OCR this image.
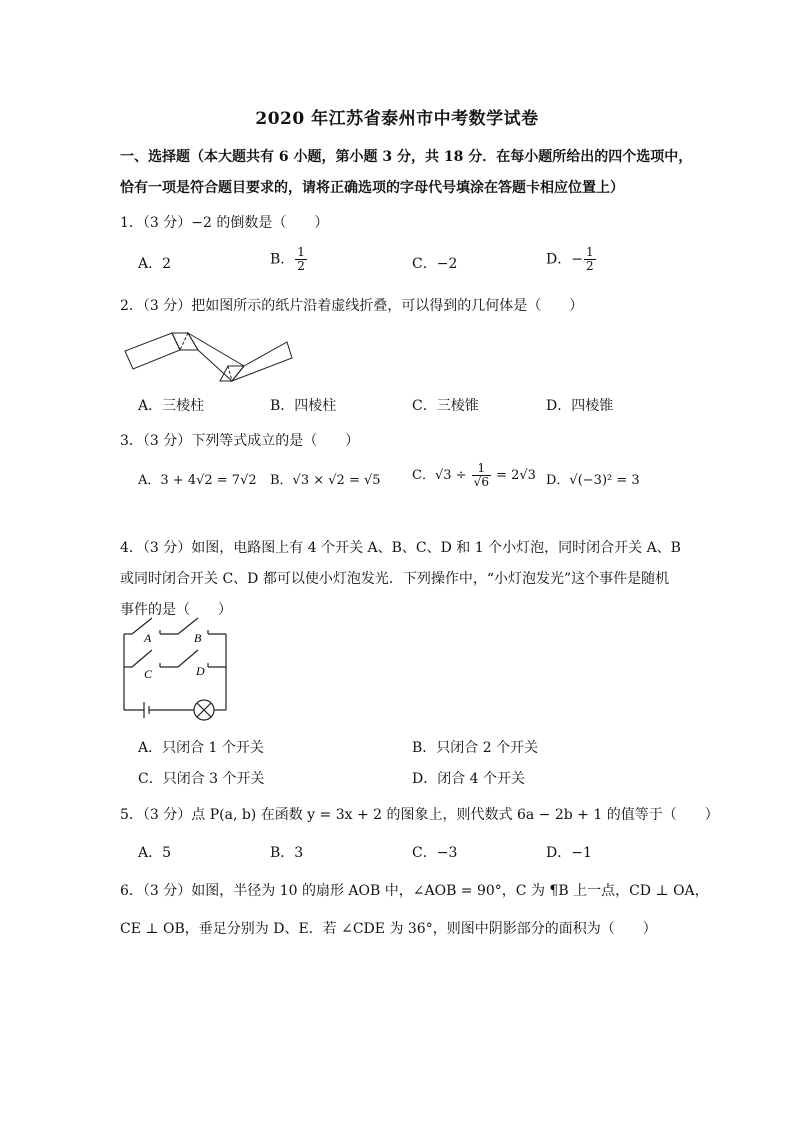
2020 年江苏省泰州市中考数学试卷
一、选择题（本大题共有 6 小题，第小题 3 分，共 18 分．在每小题所给出的四个选项中，
恰有一项是符合题目要求的，请将正确选项的字母代号填涂在答题卡相应位置上）
1．（3 分）−2 的倒数是（　　）
A．2	B． $\frac{1}{2}$	C．−2	D．− $\frac{1}{2}$
2．（3 分）把如图所示的纸片沿着虚线折叠，可以得到的几何体是（　　）
A．三棱柱	B．四棱柱	C．三棱锥	D．四棱锥
3．（3 分）下列等式成立的是（　　）
A．3 + 4√2 = 7√2 B．√3 × √2 = √5 C．$√3 \div \frac{1}{√6} = 2√3$ D．√(−3)² = 3
4．（3 分）如图，电路图上有 4 个开关 A、B、C、D 和 1 个小灯泡，同时闭合开关 A、B
或同时闭合开关 C、D 都可以使小灯泡发光．下列操作中，“小灯泡发光”这个事件是随机
事件的是（　　）
A	B
C	D
A．只闭合 1 个开关	B．只闭合 2 个开关
C．只闭合 3 个开关	D．闭合 4 个开关
5．（3 分）点 P(a, b) 在函数 y = 3x + 2 的图象上，则代数式 6a − 2b + 1 的值等于（　　）
A．5	B．3	C．−3	D．−1
6．（3 分）如图，半径为 10 的扇形 AOB 中，∠AOB = 90°，C 为 ¶B 上一点，CD ⊥ OA，
CE ⊥ OB，垂足分别为 D、E．若 ∠CDE 为 36°，则图中阴影部分的面积为（　　）
